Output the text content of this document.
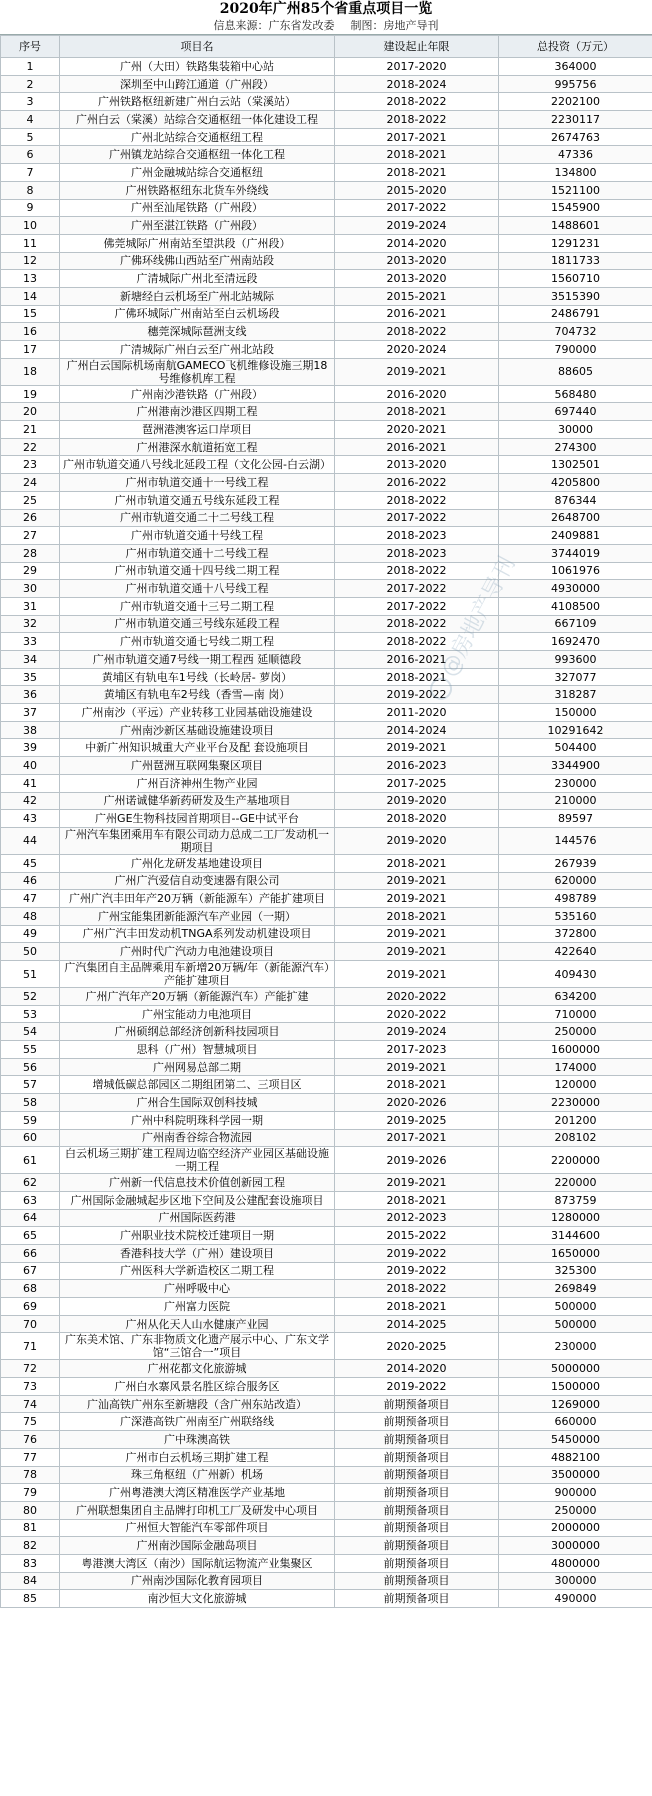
2020年广州85个省重点项目一览
信息来源：广东省发改委 制图：房地产导刊
序号	项目名	建设起止年限	总投资（万元）
1	广州（大田）铁路集装箱中心站	2017-2020	364000
2	深圳至中山跨江通道（广州段）	2018-2024	995756
3	广州铁路枢纽新建广州白云站（棠溪站）	2018-2022	2202100
4	广州白云（棠溪）站综合交通枢纽一体化建设工程	2018-2022	2230117
5	广州北站综合交通枢纽工程	2017-2021	2674763
6	广州镇龙站综合交通枢纽一体化工程	2018-2021	47336
7	广州金融城站综合交通枢纽	2018-2021	134800
8	广州铁路枢纽东北货车外绕线	2015-2020	1521100
9	广州至汕尾铁路（广州段）	2017-2022	1545900
10	广州至湛江铁路（广州段）	2019-2024	1488601
11	佛莞城际广州南站至望洪段（广州段）	2014-2020	1291231
12	广佛环线佛山西站至广州南站段	2013-2020	1811733
13	广清城际广州北至清远段	2013-2020	1560710
14	新塘经白云机场至广州北站城际	2015-2021	3515390
15	广佛环城际广州南站至白云机场段	2016-2021	2486791
16	穗莞深城际琶洲支线	2018-2022	704732
17	广清城际广州白云至广州北站段	2020-2024	790000
18	广州白云国际机场南航GAMECO飞机维修设施三期18号维修机库工程	2019-2021	88605
19	广州南沙港铁路（广州段）	2016-2020	568480
20	广州港南沙港区四期工程	2018-2021	697440
21	琶洲港澳客运口岸项目	2020-2021	30000
22	广州港深水航道拓宽工程	2016-2021	274300
23	广州市轨道交通八号线北延段工程（文化公园-白云湖）	2013-2020	1302501
24	广州市轨道交通十一号线工程	2016-2022	4205800
25	广州市轨道交通五号线东延段工程	2018-2022	876344
26	广州市轨道交通二十二号线工程	2017-2022	2648700
27	广州市轨道交通十号线工程	2018-2023	2409881
28	广州市轨道交通十二号线工程	2018-2023	3744019
29	广州市轨道交通十四号线二期工程	2018-2022	1061976
30	广州市轨道交通十八号线工程	2017-2022	4930000
31	广州市轨道交通十三号二期工程	2017-2022	4108500
32	广州市轨道交通三号线东延段工程	2018-2022	667109
33	广州市轨道交通七号线二期工程	2018-2022	1692470
34	广州市轨道交通7号线一期工程西 延顺德段	2016-2021	993600
35	黄埔区有轨电车1号线（长岭居- 萝岗）	2018-2021	327077
36	黄埔区有轨电车2号线（香雪—南 岗）	2019-2022	318287
37	广州南沙（平远）产业转移工业园基础设施建设	2011-2020	150000
38	广州南沙新区基础设施建设项目	2014-2024	10291642
39	中新广州知识城重大产业平台及配 套设施项目	2019-2021	504400
40	广州琶洲互联网集聚区项目	2016-2023	3344900
41	广州百济神州生物产业园	2017-2025	230000
42	广州诺诚健华新药研发及生产基地项目	2019-2020	210000
43	广州GE生物科技园首期项目--GE中试平台	2018-2020	89597
44	广州汽车集团乘用车有限公司动力总成二工厂发动机一期项目	2019-2020	144576
45	广州化龙研发基地建设项目	2018-2021	267939
46	广州广汽爱信自动变速器有限公司	2019-2021	620000
47	广州广汽丰田年产20万辆（新能源车）产能扩建项目	2019-2021	498789
48	广州宝能集团新能源汽车产业园（一期）	2018-2021	535160
49	广州广汽丰田发动机TNGA系列发动机建设项目	2019-2021	372800
50	广州时代广汽动力电池建设项目	2019-2021	422640
51	广汽集团自主品牌乘用车新增20万辆/年（新能源汽车）产能扩建项目	2019-2021	409430
52	广州广汽年产20万辆（新能源汽车）产能扩建	2020-2022	634200
53	广州宝能动力电池项目	2020-2022	710000
54	广州硕纲总部经济创新科技园项目	2019-2024	250000
55	思科（广州）智慧城项目	2017-2023	1600000
56	广州网易总部二期	2019-2021	174000
57	增城低碳总部园区二期组团第二、三项目区	2018-2021	120000
58	广州合生国际双创科技城	2020-2026	2230000
59	广州中科院明珠科学园一期	2019-2025	201200
60	广州南香谷综合物流园	2017-2021	208102
61	白云机场三期扩建工程周边临空经济产业园区基础设施一期工程	2019-2026	2200000
62	广州新一代信息技术价值创新园工程	2019-2021	220000
63	广州国际金融城起步区地下空间及公建配套设施项目	2018-2021	873759
64	广州国际医药港	2012-2023	1280000
65	广州职业技术院校迁建项目一期	2015-2022	3144600
66	香港科技大学（广州）建设项目	2019-2022	1650000
67	广州医科大学新造校区二期工程	2019-2022	325300
68	广州呼吸中心	2018-2022	269849
69	广州富力医院	2018-2021	500000
70	广州从化天人山水健康产业园	2014-2025	500000
71	广东美术馆、广东非物质文化遗产展示中心、广东文学馆“三馆合一”项目	2020-2025	230000
72	广州花都文化旅游城	2014-2020	5000000
73	广州白水寨风景名胜区综合服务区	2019-2022	1500000
74	广汕高铁广州东至新塘段（含广州东站改造）	前期预备项目	1269000
75	广深港高铁广州南至广州联络线	前期预备项目	660000
76	广中珠澳高铁	前期预备项目	5450000
77	广州市白云机场三期扩建工程	前期预备项目	4882100
78	珠三角枢纽（广州新）机场	前期预备项目	3500000
79	广州粤港澳大湾区精准医学产业基地	前期预备项目	900000
80	广州联想集团自主品牌打印机工厂及研发中心项目	前期预备项目	250000
81	广州恒大智能汽车零部件项目	前期预备项目	2000000
82	广州南沙国际金融岛项目	前期预备项目	3000000
83	粤港澳大湾区（南沙）国际航运物流产业集聚区	前期预备项目	4800000
84	广州南沙国际化教育园项目	前期预备项目	300000
85	南沙恒大文化旅游城	前期预备项目	490000
@房地产导刊
